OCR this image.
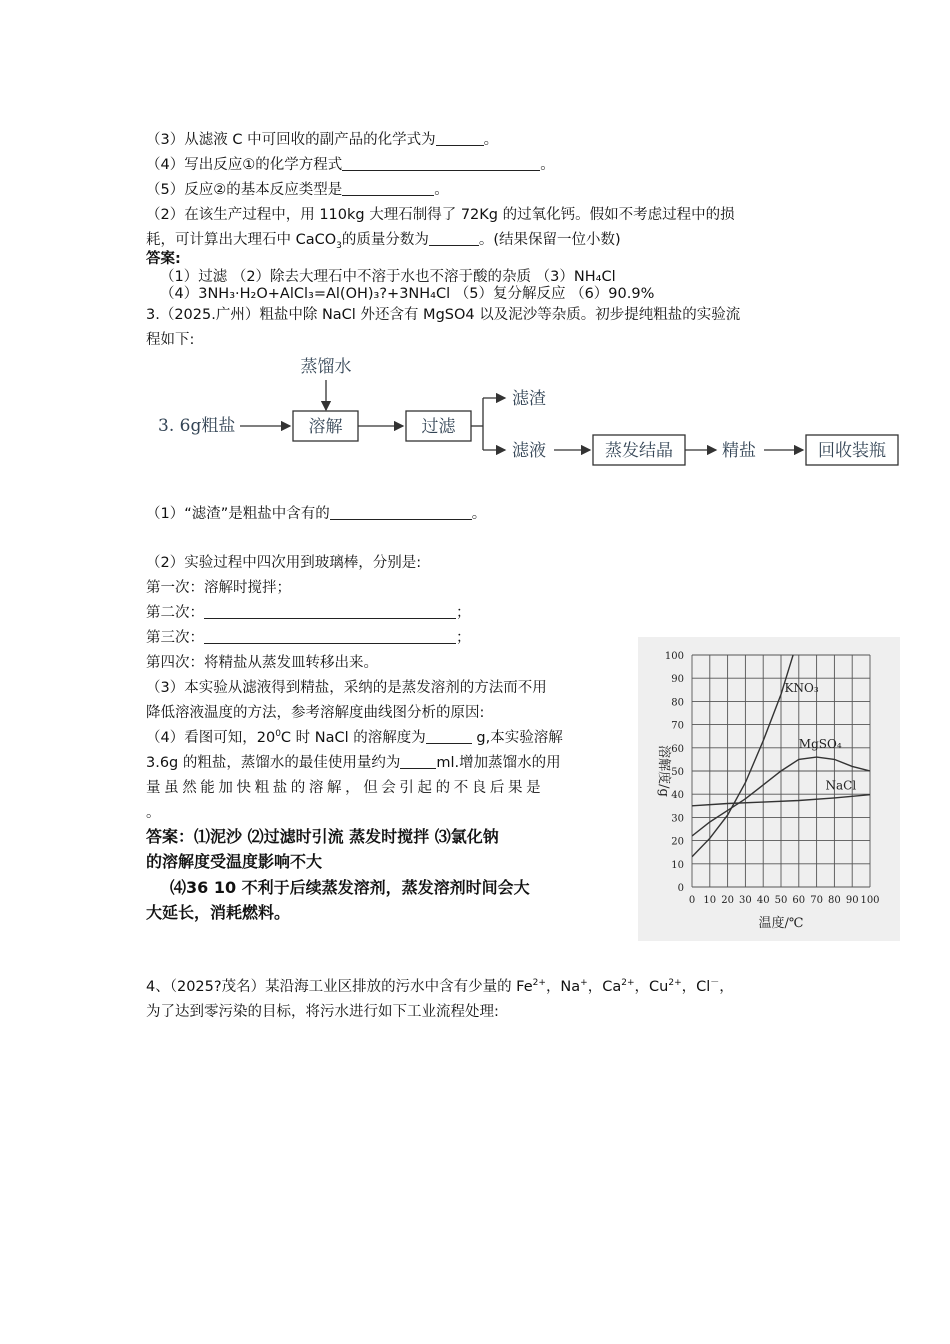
（3）从滤液 C 中可回收的副产品的化学式为	。
（4）写出反应①的化学方程式	。
（5）反应②的基本反应类型是	。
（2）在该生产过程中，用 110kg 大理石制得了 72Kg 的过氧化钙。假如不考虑过程中的损
耗，可计算出大理石中 CaCO$_3$的质量分数为	。(结果保留一位小数)
答案:
（1）过滤 （2）除去大理石中不溶于水也不溶于酸的杂质 （3）NH₄Cl
（4）3NH₃·H₂O+AlCl₃=Al(OH)₃?+3NH₄Cl （5）复分解反应 （6）90.9%
3.（2025.广州）粗盐中除 NaCl 外还含有 MgSO4 以及泥沙等杂质。初步提纯粗盐的实验流
程如下:
蒸馏水
3. 6g粗盐	溶解	过滤
滤渣
滤液	蒸发结晶	精盐	回收装瓶
（1）“滤渣”是粗盐中含有的	。
（2）实验过程中四次用到玻璃棒，分别是:
第一次：溶解时搅拌；
第二次：	；
第三次：	；
第四次：将精盐从蒸发皿转移出来。
（3）本实验从滤液得到精盐，采纳的是蒸发溶剂的方法而不用
降低溶液温度的方法，参考溶解度曲线图分析的原因:
（4）看图可知，$20^0C$ 时 NaCl 的溶解度为	g,本实验溶解
3.6g 的粗盐，蒸馏水的最佳使用量约为 ml.增加蒸馏水的用
量虽然能加快粗盐的溶解，但会引起的不良后果是
。
答案：⑴泥沙 ⑵过滤时引流 蒸发时搅拌 ⑶氯化钠
的溶解度受温度影响不大
⑷36 10 不利于后续蒸发溶剂，蒸发溶剂时间会大
大延长，消耗燃料。
0 10 20 30 40 50 60 70 80 90 100
0
10
20
30
40
50
60
70
80
90
100
温度/℃
溶解度/g
KNO₃
MgSO₄
NaCl
4、（2025?茂名）某沿海工业区排放的污水中含有少量的 $Fe^{2+}$，Na+，$Ca^{2+}$，$Cu^{2+}$，Cl－，
为了达到零污染的目标，将污水进行如下工业流程处理:
